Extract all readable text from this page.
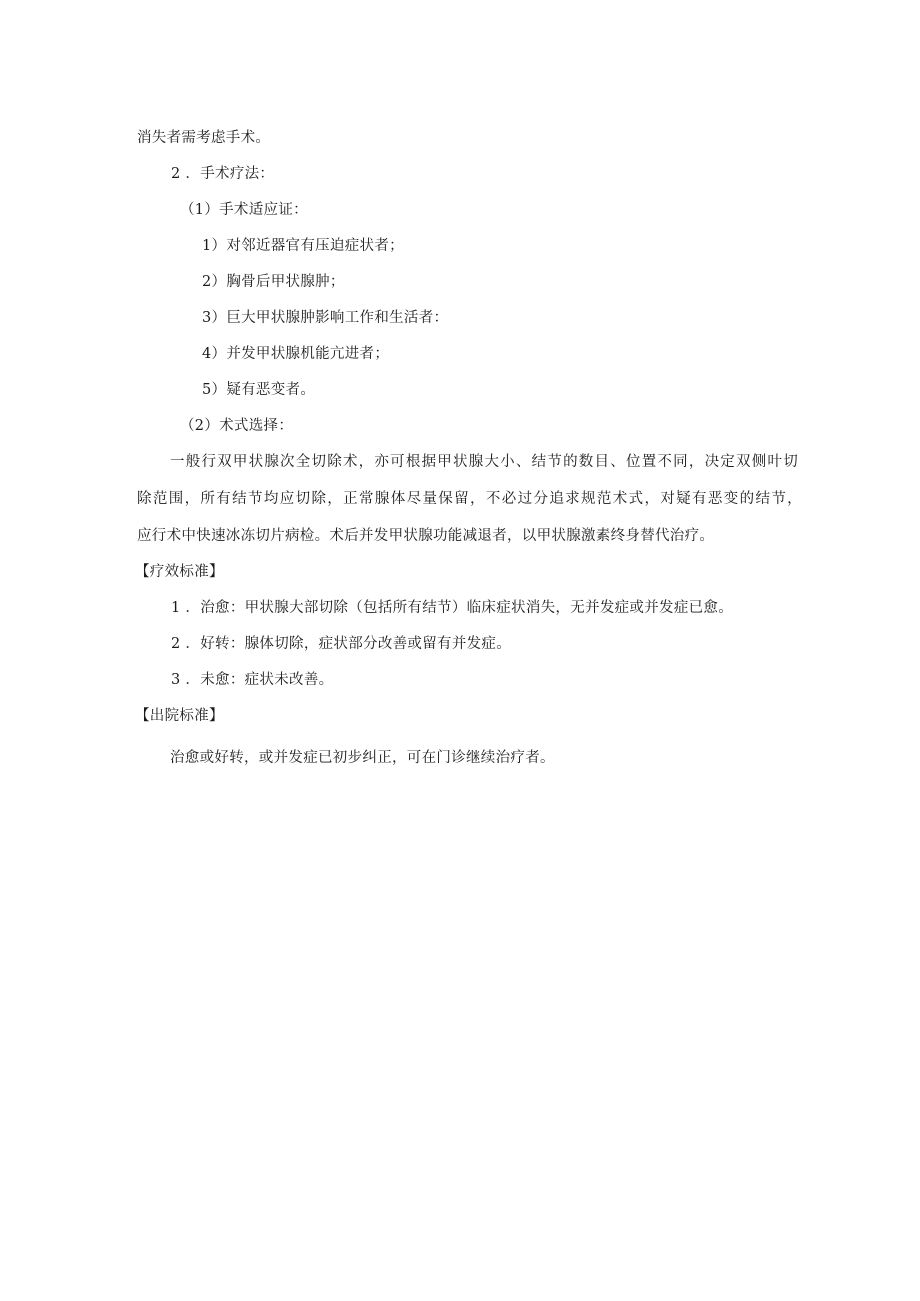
消失者需考虑手术。
2 ．手术疗法：
（1）手术适应证：
1）对邻近器官有压迫症状者；
2）胸骨后甲状腺肿；
3）巨大甲状腺肿影响工作和生活者：
4）并发甲状腺机能亢进者；
5）疑有恶变者。
（2）术式选择：
一般行双甲状腺次全切除术，亦可根据甲状腺大小、结节的数目、位置不同，决定双侧叶切
除范围，所有结节均应切除，正常腺体尽量保留，不必过分追求规范术式，对疑有恶变的结节，
应行术中快速冰冻切片病检。术后并发甲状腺功能减退者，以甲状腺激素终身替代治疗。
【疗效标准】
1 ．治愈：甲状腺大部切除（包括所有结节）临床症状消失，无并发症或并发症已愈。
2 ．好转：腺体切除，症状部分改善或留有并发症。
3 ．未愈：症状未改善。
【出院标准】
治愈或好转，或并发症已初步纠正，可在门诊继续治疗者。
